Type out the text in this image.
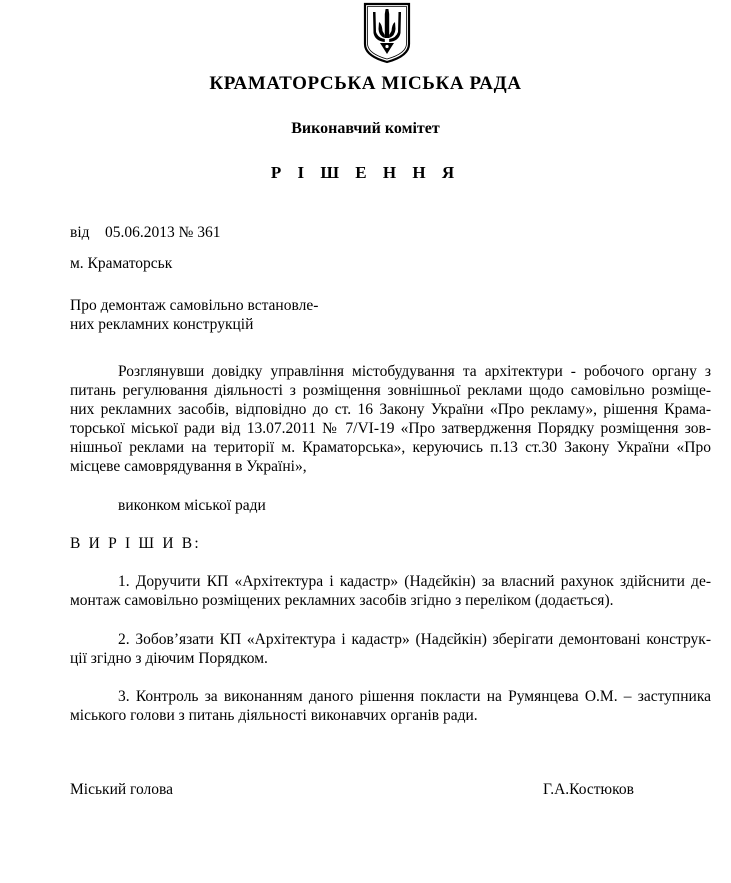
КРАМАТОРСЬКА МІСЬКА РАДА
Виконавчий комітет
Р І Ш Е Н Н Я
від 05.06.2013 № 361
м. Краматорськ
Про демонтаж самовільно встановле-
них рекламних конструкцій
Розглянувши довідку управління містобудування та архітектури - робочого органу з
питань регулювання діяльності з розміщення зовнішньої реклами щодо самовільно розміще-
них рекламних засобів, відповідно до ст. 16 Закону України «Про рекламу», рішення Крама-
торської міської ради від 13.07.2011 № 7/VI-19 «Про затвердження Порядку розміщення зов-
нішньої реклами на території м. Краматорська», керуючись п.13 ст.30 Закону України «Про
місцеве самоврядування в Україні»,
виконком міської ради
В И Р І Ш И В:
1. Доручити КП «Архітектура і кадастр» (Надєйкін) за власний рахунок здійснити де-
монтаж самовільно розміщених рекламних засобів згідно з переліком (додається).
2. Зобов’язати КП «Архітектура і кадастр» (Надєйкін) зберігати демонтовані конструк-
ції згідно з діючим Порядком.
3. Контроль за виконанням даного рішення покласти на Румянцева О.М. – заступника
міського голови з питань діяльності виконавчих органів ради.
Міський голова	Г.А.Костюков
